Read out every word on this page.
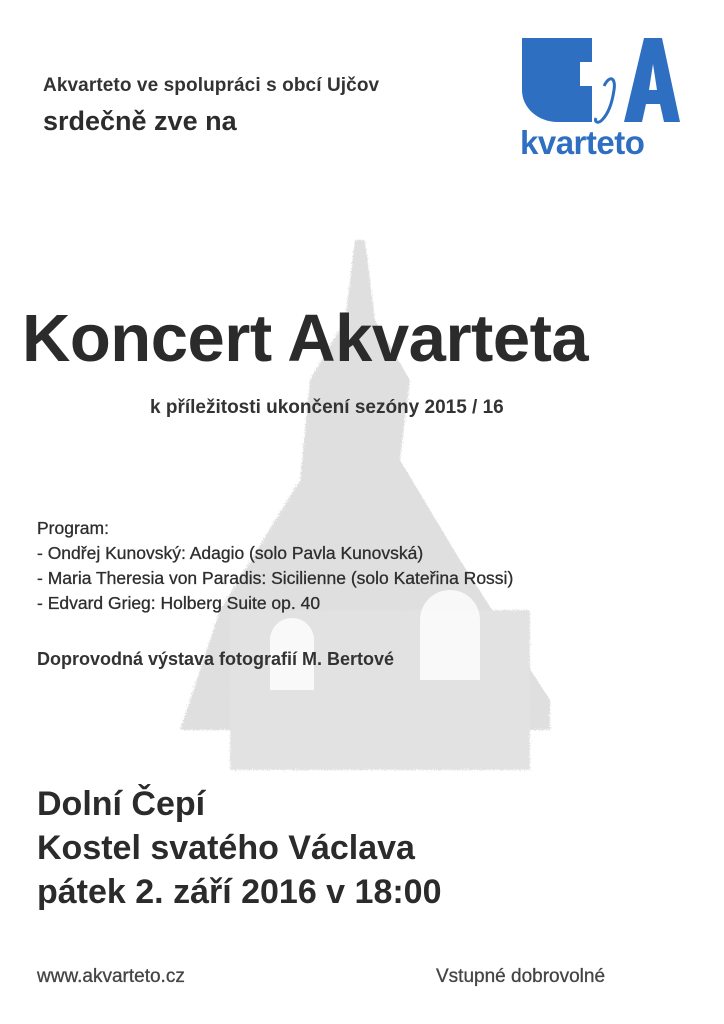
Akvarteto ve spolupráci s obcí Ujčov
srdečně zve na
kvarteto
Koncert Akvarteta
k příležitosti ukončení sezóny 2015 / 16
Program:
- Ondřej Kunovský: Adagio (solo Pavla Kunovská)
- Maria Theresia von Paradis: Sicilienne (solo Kateřina Rossi)
- Edvard Grieg: Holberg Suite op. 40
Doprovodná výstava fotografií M. Bertové
Dolní Čepí
Kostel svatého Václava
pátek 2. září 2016 v 18:00
www.akvarteto.cz	Vstupné dobrovolné
